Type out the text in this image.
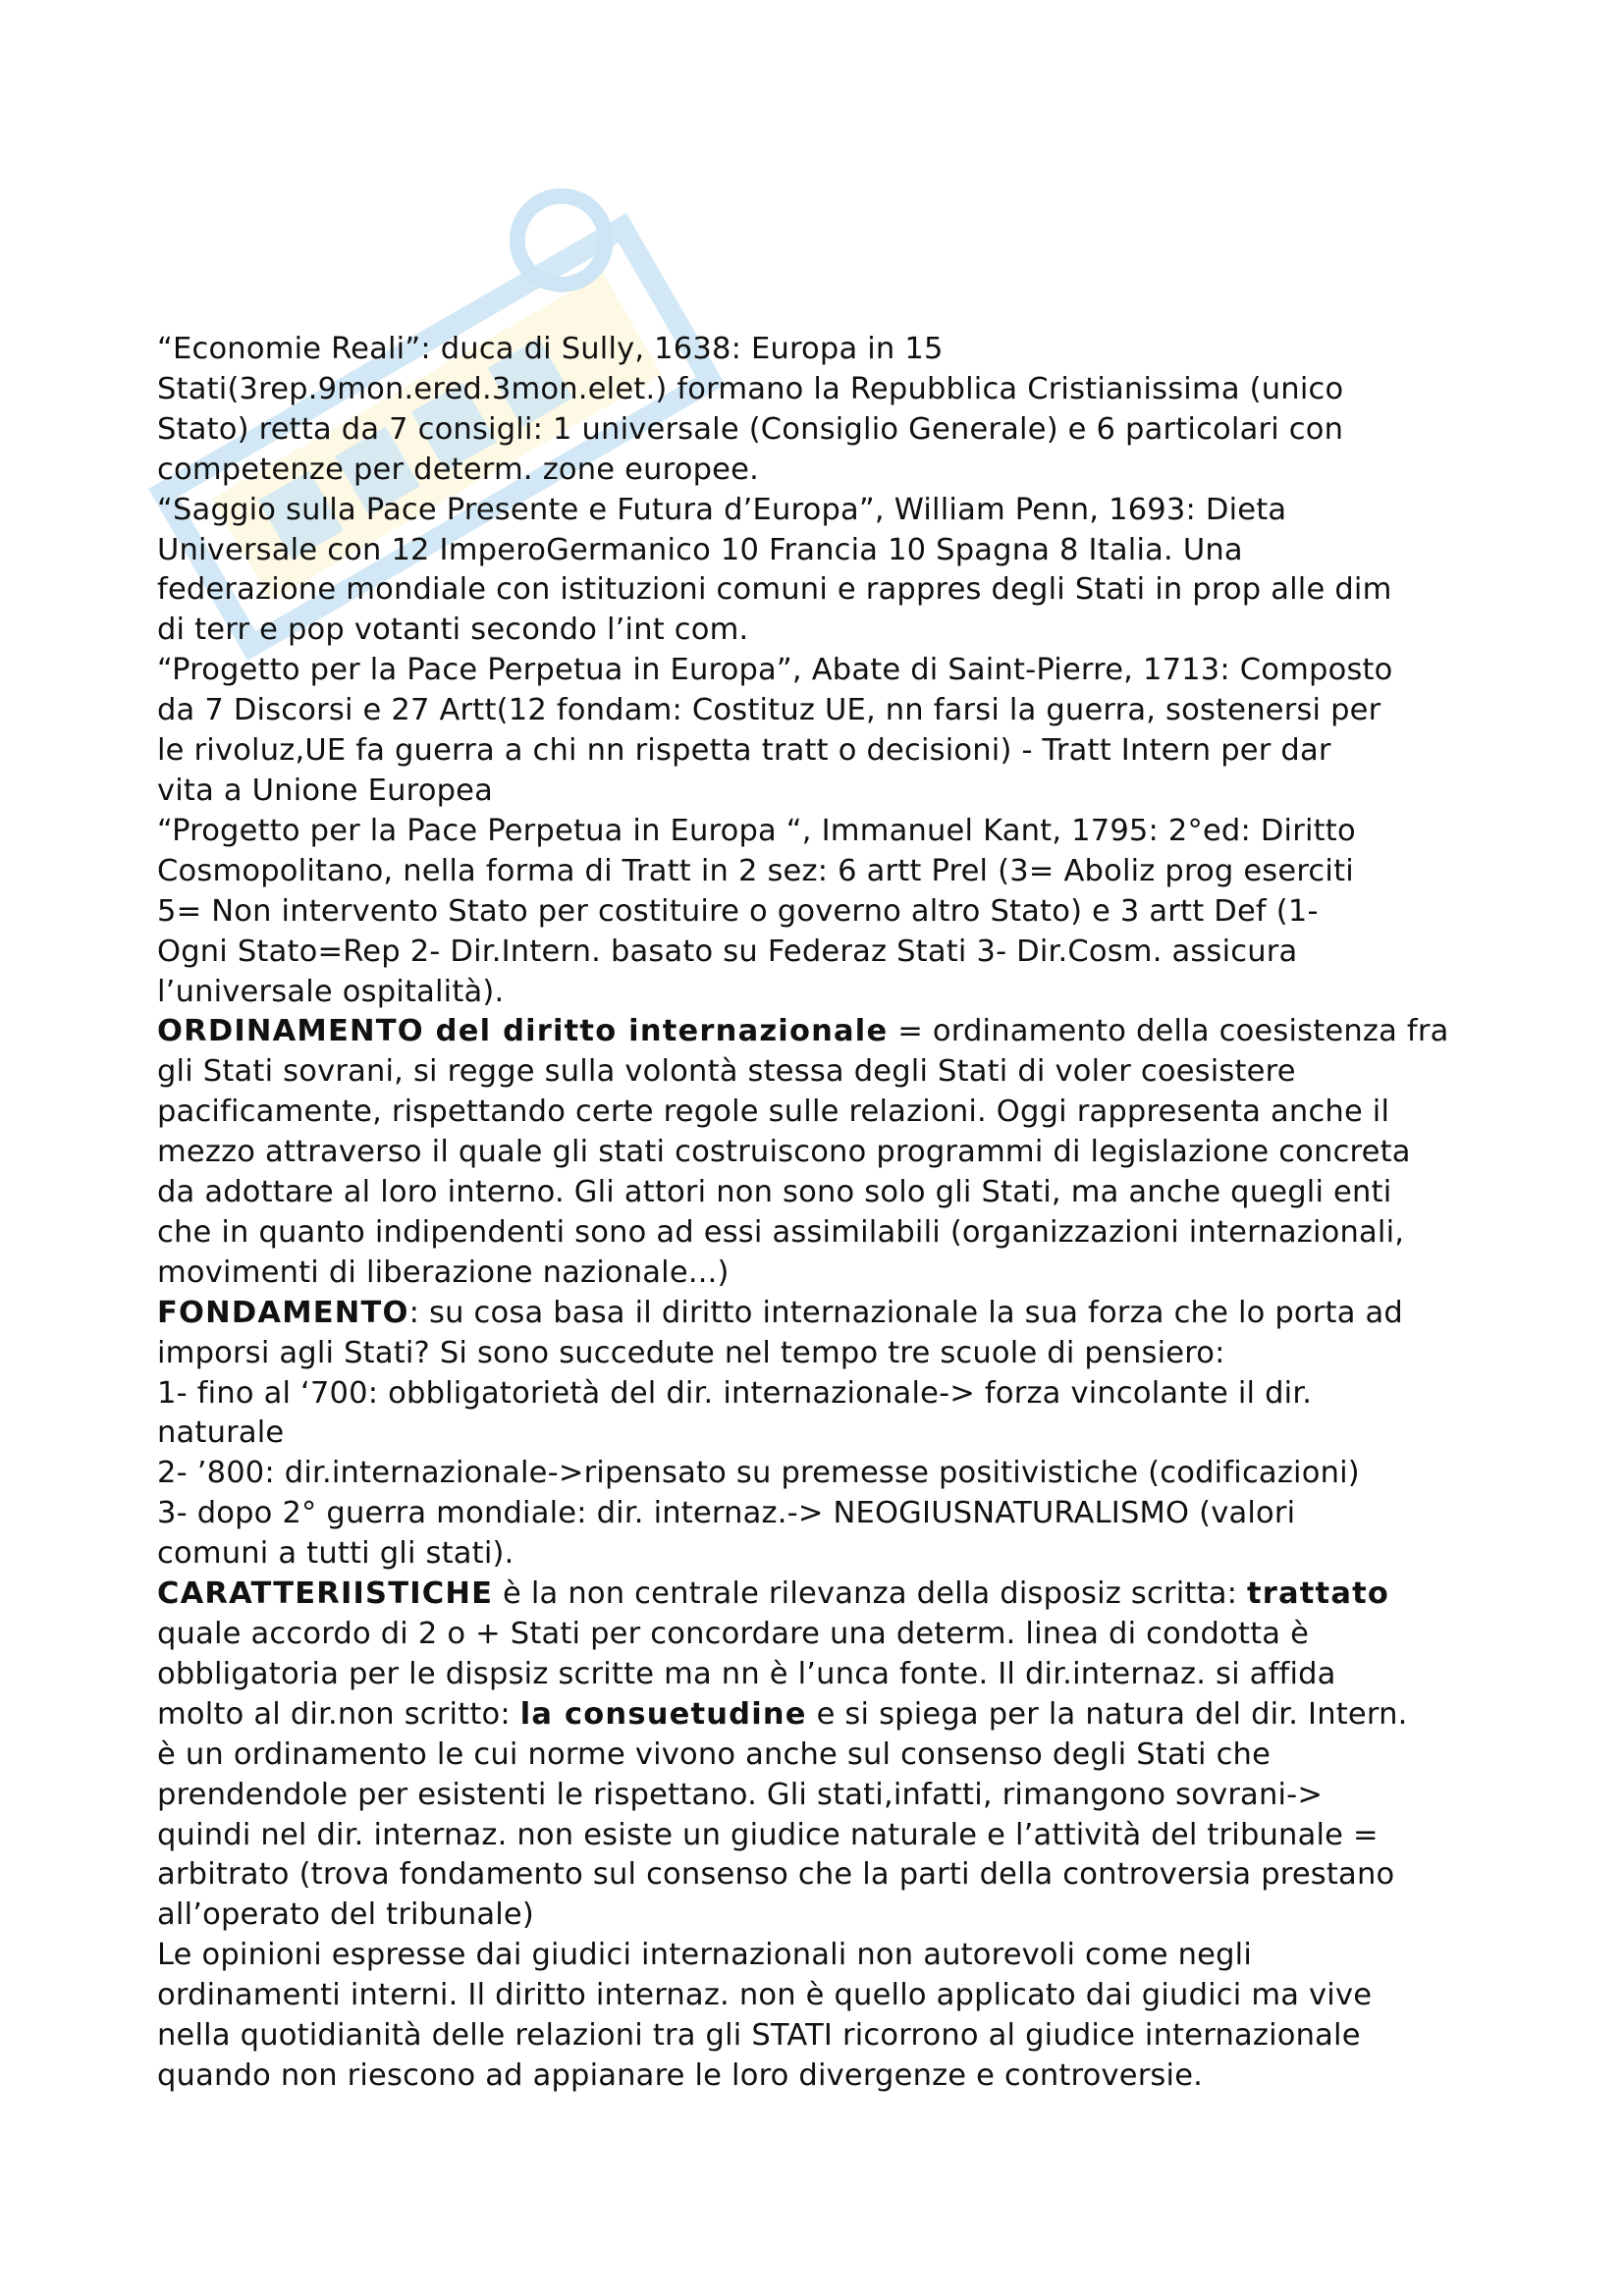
“Economie Reali”: duca di Sully, 1638: Europa in 15

Stati(3rep.9mon.ered.3mon.elet.) formano la Repubblica Cristianissima (unico

Stato) retta da 7 consigli: 1 universale (Consiglio Generale) e 6 particolari con

competenze per determ. zone europee.

“Saggio sulla Pace Presente e Futura d’Europa”, William Penn, 1693: Dieta

Universale con 12 ImperoGermanico 10 Francia 10 Spagna 8 Italia. Una

federazione mondiale con istituzioni comuni e rappres degli Stati in prop alle dim

di terr e pop votanti secondo l’int com.

“Progetto per la Pace Perpetua in Europa”, Abate di Saint-Pierre, 1713: Composto

da 7 Discorsi e 27 Artt(12 fondam: Costituz UE, nn farsi la guerra, sostenersi per

le rivoluz,UE fa guerra a chi nn rispetta tratt o decisioni) - Tratt Intern per dar

vita a Unione Europea

“Progetto per la Pace Perpetua in Europa “, Immanuel Kant, 1795: 2°ed: Diritto

Cosmopolitano, nella forma di Tratt in 2 sez: 6 artt Prel (3= Aboliz prog eserciti

5= Non intervento Stato per costituire o governo altro Stato) e 3 artt Def (1-

Ogni Stato=Rep 2- Dir.Intern. basato su Federaz Stati 3- Dir.Cosm. assicura

l’universale ospitalità).

ORDINAMENTO del diritto internazionale = ordinamento della coesistenza fra

gli Stati sovrani, si regge sulla volontà stessa degli Stati di voler coesistere

pacificamente, rispettando certe regole sulle relazioni. Oggi rappresenta anche il

mezzo attraverso il quale gli stati costruiscono programmi di legislazione concreta

da adottare al loro interno. Gli attori non sono solo gli Stati, ma anche quegli enti

che in quanto indipendenti sono ad essi assimilabili (organizzazioni internazionali,

movimenti di liberazione nazionale...)

FONDAMENTO: su cosa basa il diritto internazionale la sua forza che lo porta ad

imporsi agli Stati? Si sono succedute nel tempo tre scuole di pensiero:

1- fino al ‘700: obbligatorietà del dir. internazionale-> forza vincolante il dir.

naturale

2- ’800: dir.internazionale->ripensato su premesse positivistiche (codificazioni)

3- dopo 2° guerra mondiale: dir. internaz.-> NEOGIUSNATURALISMO (valori

comuni a tutti gli stati).

CARATTERIISTICHE è la non centrale rilevanza della disposiz scritta: trattato

quale accordo di 2 o + Stati per concordare una determ. linea di condotta è

obbligatoria per le dispsiz scritte ma nn è l’unca fonte. Il dir.internaz. si affida

molto al dir.non scritto: la consuetudine e si spiega per la natura del dir. Intern.

è un ordinamento le cui norme vivono anche sul consenso degli Stati che

prendendole per esistenti le rispettano. Gli stati,infatti, rimangono sovrani->

quindi nel dir. internaz. non esiste un giudice naturale e l’attività del tribunale =

arbitrato (trova fondamento sul consenso che la parti della controversia prestano

all’operato del tribunale)

Le opinioni espresse dai giudici internazionali non autorevoli come negli

ordinamenti interni. Il diritto internaz. non è quello applicato dai giudici ma vive

nella quotidianità delle relazioni tra gli STATI ricorrono al giudice internazionale

quando non riescono ad appianare le loro divergenze e controversie.
